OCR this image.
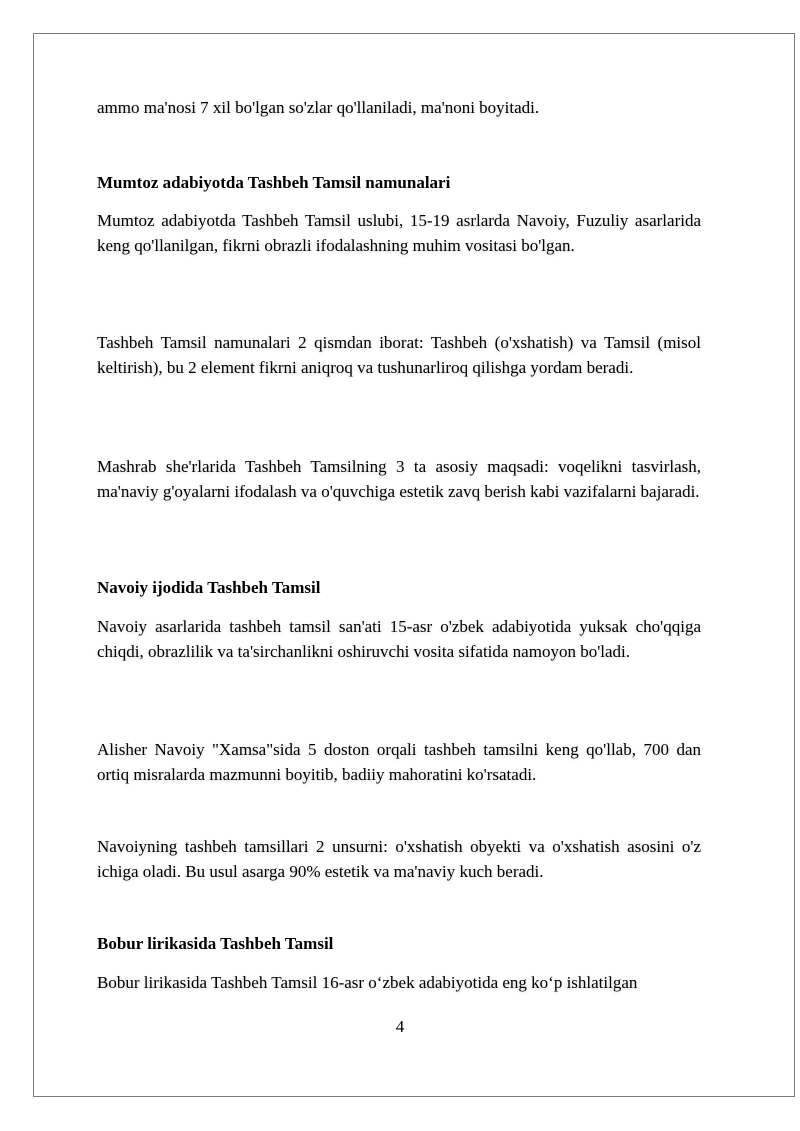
ammo ma'nosi 7 xil bo'lgan so'zlar qo'llaniladi, ma'noni boyitadi.

Mumtoz adabiyotda Tashbeh Tamsil namunalari

Mumtoz adabiyotda Tashbeh Tamsil uslubi, 15-19 asrlarda Navoiy, Fuzuliy asarlarida keng qo'llanilgan, fikrni obrazli ifodalashning muhim vositasi bo'lgan.

Tashbeh Tamsil namunalari 2 qismdan iborat: Tashbeh (o'xshatish) va Tamsil (misol keltirish), bu 2 element fikrni aniqroq va tushunarliroq qilishga yordam beradi.

Mashrab she'rlarida Tashbeh Tamsilning 3 ta asosiy maqsadi: voqelikni tasvirlash, ma'naviy g'oyalarni ifodalash va o'quvchiga estetik zavq berish kabi vazifalarni bajaradi.

Navoiy ijodida Tashbeh Tamsil

Navoiy asarlarida tashbeh tamsil san'ati 15-asr o'zbek adabiyotida yuksak cho'qqiga chiqdi, obrazlilik va ta'sirchanlikni oshiruvchi vosita sifatida namoyon bo'ladi.

Alisher Navoiy "Xamsa"sida 5 doston orqali tashbeh tamsilni keng qo'llab, 700 dan ortiq misralarda mazmunni boyitib, badiiy mahoratini ko'rsatadi.

Navoiyning tashbeh tamsillari 2 unsurni: o'xshatish obyekti va o'xshatish asosini o'z ichiga oladi. Bu usul asarga 90% estetik va ma'naviy kuch beradi.

Bobur lirikasida Tashbeh Tamsil

Bobur lirikasida Tashbeh Tamsil 16-asr o‘zbek adabiyotida eng ko‘p ishlatilgan

4
